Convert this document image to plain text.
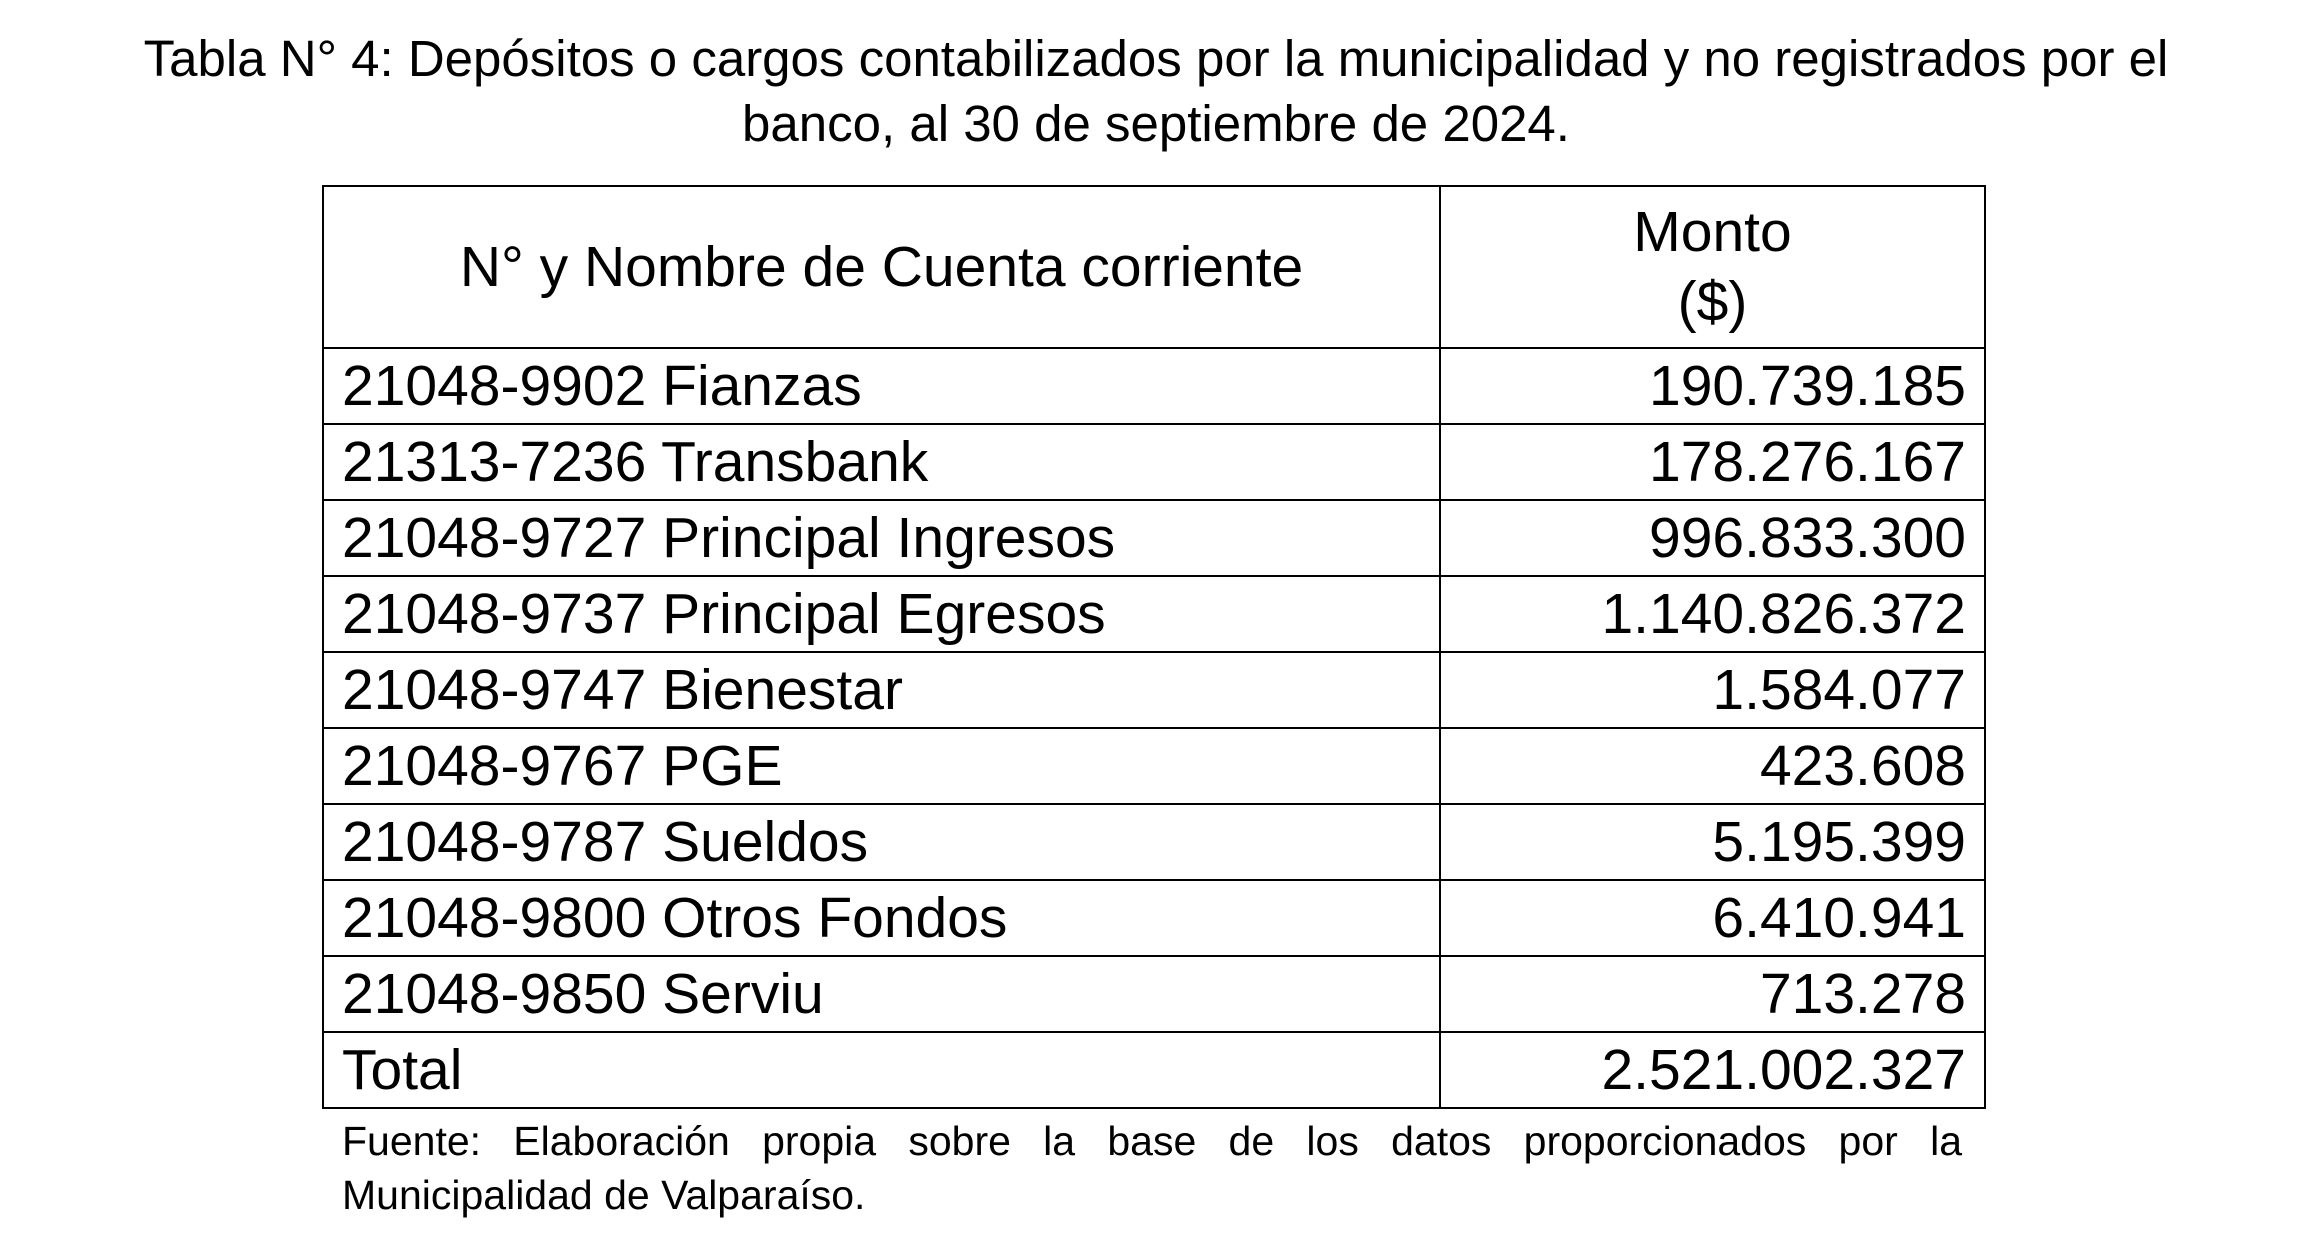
Tabla N° 4: Depósitos o cargos contabilizados por la municipalidad y no registrados por el
banco, al 30 de septiembre de 2024.
N° y Nombre de Cuenta corriente	Monto
($)

21048-9902 Fianzas	190.739.185
21313-7236 Transbank	178.276.167
21048-9727 Principal Ingresos	996.833.300
21048-9737 Principal Egresos	1.140.826.372
21048-9747 Bienestar	1.584.077
21048-9767 PGE	423.608
21048-9787 Sueldos	5.195.399
21048-9800 Otros Fondos	6.410.941
21048-9850 Serviu	713.278
Total	2.521.002.327
Fuente: Elaboración propia sobre la base de los datos proporcionados por la
Municipalidad de Valparaíso.
